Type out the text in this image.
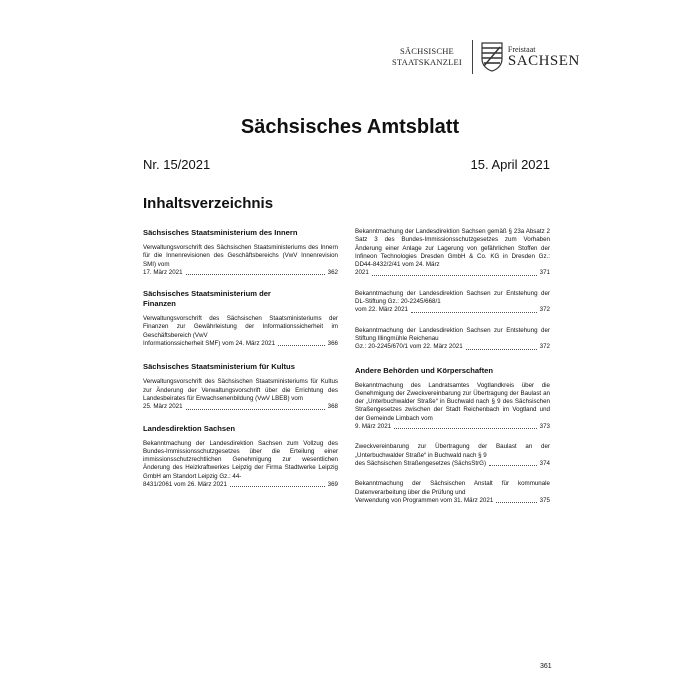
SÄCHSISCHE
STAATSKANZLEI
Freistaat
SACHSEN
Sächsisches Amtsblatt
Nr. 15/2021	15. April 2021
Inhaltsverzeichnis
Sächsisches Staatsministerium des Innern
Verwaltungsvorschrift des Sächsischen Staatsministeriums des Innern für die Innenrevisionen des Geschäftsbereichs (VwV Innenrevision SMI) vom
17. März 2021	362
Sächsisches Staatsministerium der Finanzen
Verwaltungsvorschrift des Sächsischen Staatsministeriums der Finanzen zur Gewährleistung der Informationssicherheit im Geschäftsbereich (VwV
Informationssicherheit SMF) vom 24. März 2021	366
Sächsisches Staatsministerium für Kultus
Verwaltungsvorschrift des Sächsischen Staatsministeriums für Kultus zur Änderung der Verwaltungsvorschrift über die Errichtung des Landesbeirates für Erwachsenenbildung (VwV LBEB) vom
25. März 2021	368
Landesdirektion Sachsen
Bekanntmachung der Landesdirektion Sachsen zum Vollzug des Bundes-Immissionsschutzgesetzes über die Erteilung einer immissionsschutzrechtlichen Genehmigung zur wesentlichen Änderung des Heizkraftwerkes Leipzig der Firma Stadtwerke Leipzig GmbH am Standort Leipzig Gz.: 44-
8431/2061 vom 26. März 2021	369
Bekanntmachung der Landesdirektion Sachsen gemäß § 23a Absatz 2 Satz 3 des Bundes-Immissionsschutzgesetzes zum Vorhaben Änderung einer Anlage zur Lagerung von gefährlichen Stoffen der Infineon Technologies Dresden GmbH & Co. KG in Dresden Gz.: DD44-8432/2/41 vom 24. März
2021	371
Bekanntmachung der Landesdirektion Sachsen zur Entstehung der DL-Stiftung Gz.: 20-2245/668/1
vom 22. März 2021	372
Bekanntmachung der Landesdirektion Sachsen zur Entstehung der Stiftung Illingmühle Reichenau
Gz.: 20-2245/670/1 vom 22. März 2021	372
Andere Behörden und Körperschaften
Bekanntmachung des Landratsamtes Vogtlandkreis über die Genehmigung der Zweckvereinbarung zur Übertragung der Baulast an der „Unterbuchwalder Straße“ in Buchwald nach § 9 des Sächsischen Straßengesetzes zwischen der Stadt Reichenbach im Vogtland und der Gemeinde Limbach vom
9. März 2021	373
Zweckvereinbarung zur Übertragung der Baulast an der „Unterbuchwalder Straße“ in Buchwald nach § 9
des Sächsischen Straßengesetzes (SächsStrG)	374
Bekanntmachung der Sächsischen Anstalt für kommunale Datenverarbeitung über die Prüfung und
Verwendung von Programmen vom 31. März 2021	375
361
